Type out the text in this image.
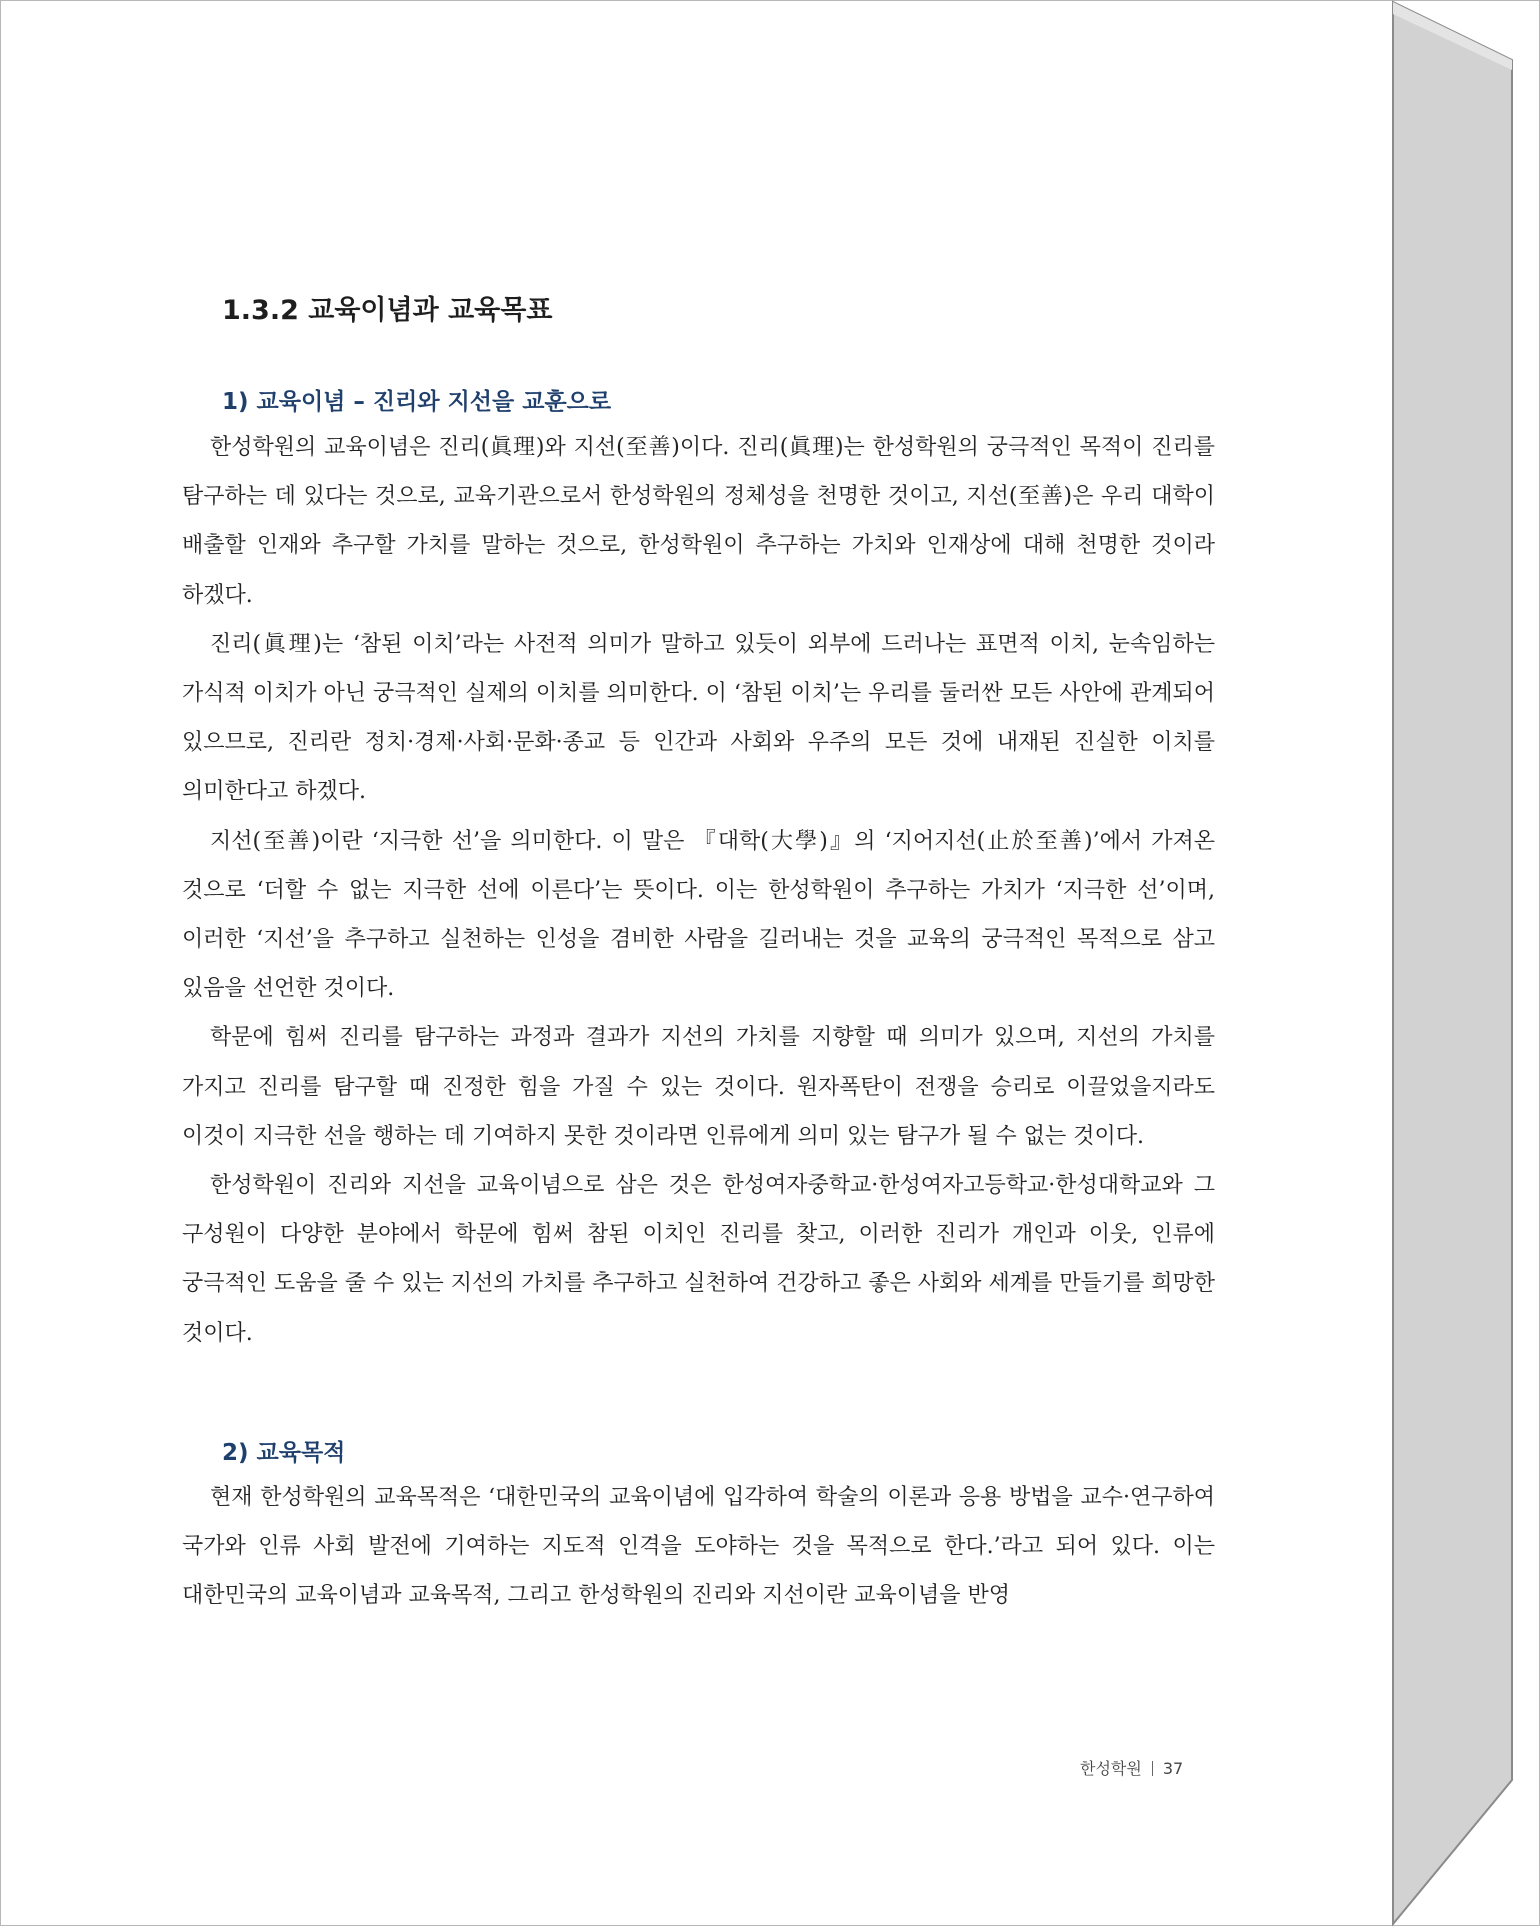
1.3.2 교육이념과 교육목표
1) 교육이념 – 진리와 지선을 교훈으로

한성학원의 교육이념은 진리(眞理)와 지선(至善)이다. 진리(眞理)는 한성학원의 궁극적인 목적이 진리를 탐구하는 데 있다는 것으로, 교육기관으로서 한성학원의 정체성을 천명한 것이고, 지선(至善)은 우리 대학이 배출할 인재와 추구할 가치를 말하는 것으로, 한성학원이 추구하는 가치와 인재상에 대해 천명한 것이라 하겠다.

진리(眞理)는 ‘참된 이치’라는 사전적 의미가 말하고 있듯이 외부에 드러나는 표면적 이치, 눈속임하는 가식적 이치가 아닌 궁극적인 실제의 이치를 의미한다. 이 ‘참된 이치’는 우리를 둘러싼 모든 사안에 관계되어 있으므로, 진리란 정치·경제·사회·문화·종교 등 인간과 사회와 우주의 모든 것에 내재된 진실한 이치를 의미한다고 하겠다.

지선(至善)이란 ‘지극한 선’을 의미한다. 이 말은 『대학(大學)』의 ‘지어지선(止於至善)’에서 가져온 것으로 ‘더할 수 없는 지극한 선에 이른다’는 뜻이다. 이는 한성학원이 추구하는 가치가 ‘지극한 선’이며, 이러한 ‘지선’을 추구하고 실천하는 인성을 겸비한 사람을 길러내는 것을 교육의 궁극적인 목적으로 삼고 있음을 선언한 것이다.

학문에 힘써 진리를 탐구하는 과정과 결과가 지선의 가치를 지향할 때 의미가 있으며, 지선의 가치를 가지고 진리를 탐구할 때 진정한 힘을 가질 수 있는 것이다. 원자폭탄이 전쟁을 승리로 이끌었을지라도 이것이 지극한 선을 행하는 데 기여하지 못한 것이라면 인류에게 의미 있는 탐구가 될 수 없는 것이다.

한성학원이 진리와 지선을 교육이념으로 삼은 것은 한성여자중학교·한성여자고등학교·한성대학교와 그 구성원이 다양한 분야에서 학문에 힘써 참된 이치인 진리를 찾고, 이러한 진리가 개인과 이웃, 인류에 궁극적인 도움을 줄 수 있는 지선의 가치를 추구하고 실천하여 건강하고 좋은 사회와 세계를 만들기를 희망한 것이다.

2) 교육목적

현재 한성학원의 교육목적은 ‘대한민국의 교육이념에 입각하여 학술의 이론과 응용 방법을 교수·연구하여 국가와 인류 사회 발전에 기여하는 지도적 인격을 도야하는 것을 목적으로 한다.’라고 되어 있다. 이는 대한민국의 교육이념과 교육목적, 그리고 한성학원의 진리와 지선이란 교육이념을 반영

한성학원 37
